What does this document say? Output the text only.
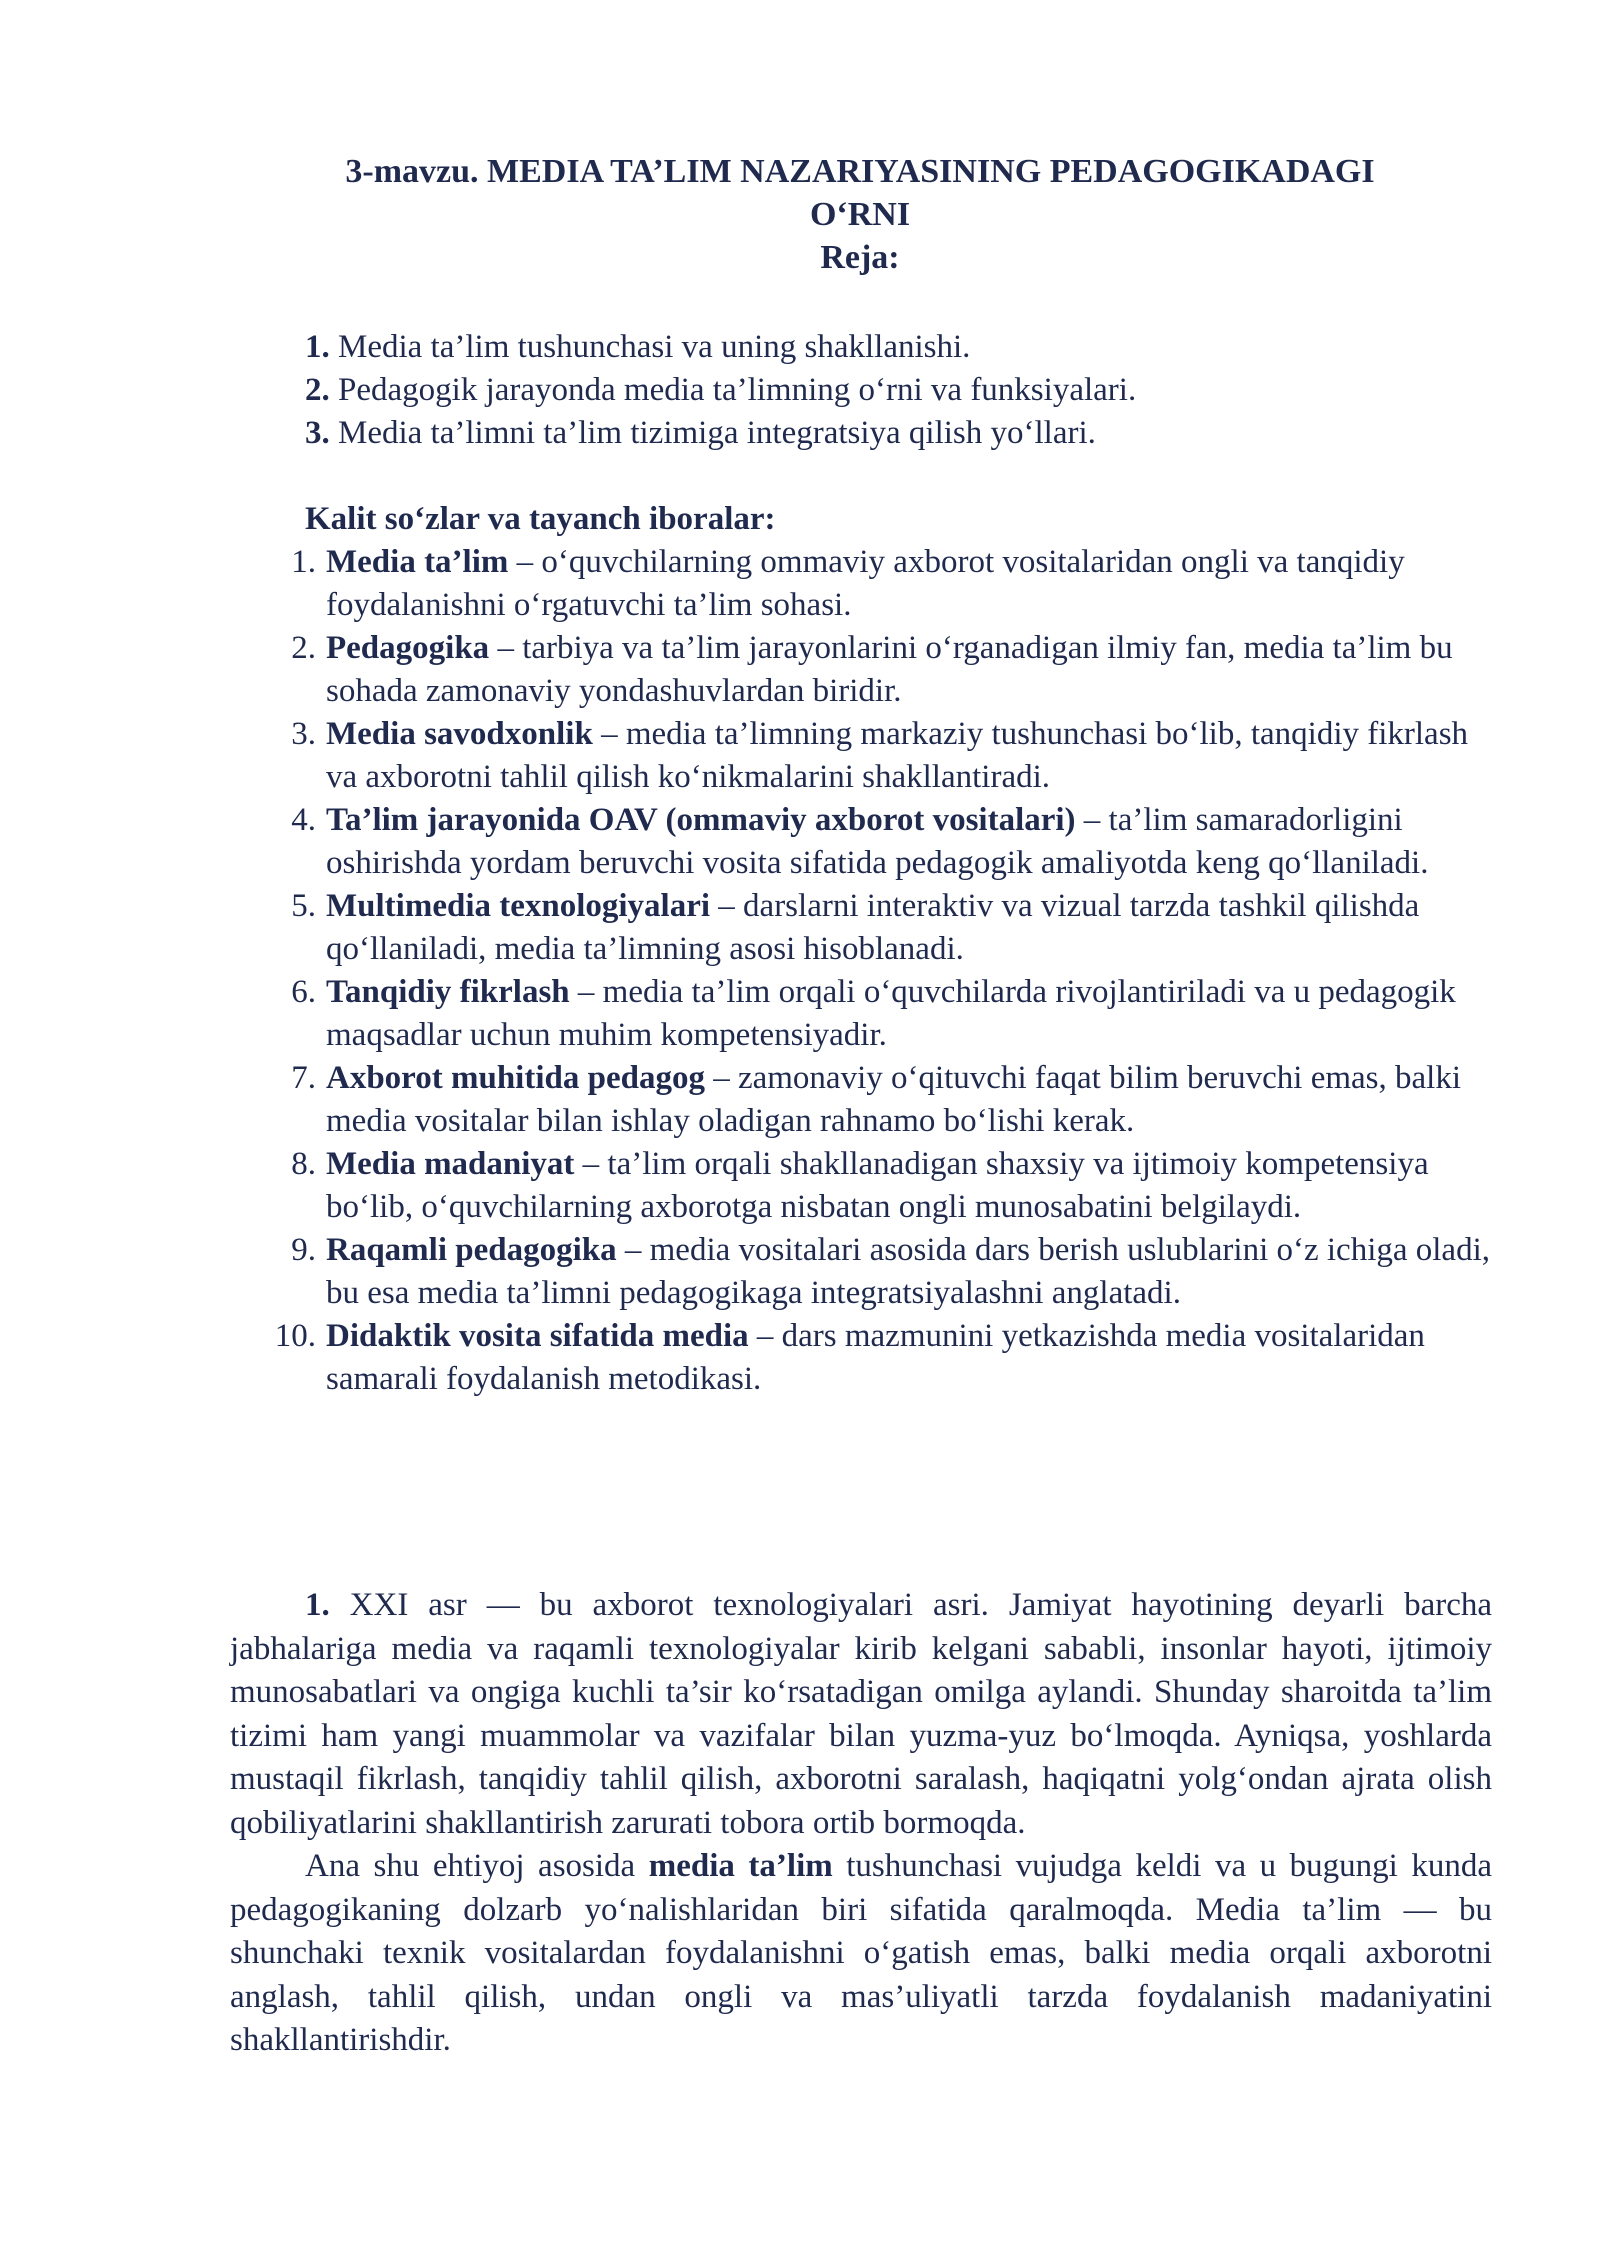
3-mavzu. MEDIA TA’LIM NAZARIYASINING PEDAGOGIKADAGI
O‘RNI
Reja:
1. Media ta’lim tushunchasi va uning shakllanishi.
2. Pedagogik jarayonda media ta’limning o‘rni va funksiyalari.
3. Media ta’limni ta’lim tizimiga integratsiya qilish yo‘llari.
Kalit so‘zlar va tayanch iboralar:
1. Media ta’lim – o‘quvchilarning ommaviy axborot vositalaridan ongli va tanqidiy foydalanishni o‘rgatuvchi ta’lim sohasi.
2. Pedagogika – tarbiya va ta’lim jarayonlarini o‘rganadigan ilmiy fan, media ta’lim bu sohada zamonaviy yondashuvlardan biridir.
3. Media savodxonlik – media ta’limning markaziy tushunchasi bo‘lib, tanqidiy fikrlash va axborotni tahlil qilish ko‘nikmalarini shakllantiradi.
4. Ta’lim jarayonida OAV (ommaviy axborot vositalari) – ta’lim samaradorligini oshirishda yordam beruvchi vosita sifatida pedagogik amaliyotda keng qo‘llaniladi.
5. Multimedia texnologiyalari – darslarni interaktiv va vizual tarzda tashkil qilishda qo‘llaniladi, media ta’limning asosi hisoblanadi.
6. Tanqidiy fikrlash – media ta’lim orqali o‘quvchilarda rivojlantiriladi va u pedagogik maqsadlar uchun muhim kompetensiyadir.
7. Axborot muhitida pedagog – zamonaviy o‘qituvchi faqat bilim beruvchi emas, balki media vositalar bilan ishlay oladigan rahnamo bo‘lishi kerak.
8. Media madaniyat – ta’lim orqali shakllanadigan shaxsiy va ijtimoiy kompetensiya bo‘lib, o‘quvchilarning axborotga nisbatan ongli munosabatini belgilaydi.
9. Raqamli pedagogika – media vositalari asosida dars berish uslublarini o‘z ichiga oladi, bu esa media ta’limni pedagogikaga integratsiyalashni anglatadi.
10. Didaktik vosita sifatida media – dars mazmunini yetkazishda media vositalaridan samarali foydalanish metodikasi.

1. XXI asr — bu axborot texnologiyalari asri. Jamiyat hayotining deyarli barcha jabhalariga media va raqamli texnologiyalar kirib kelgani sababli, insonlar hayoti, ijtimoiy munosabatlari va ongiga kuchli ta’sir ko‘rsatadigan omilga aylandi. Shunday sharoitda ta’lim tizimi ham yangi muammolar va vazifalar bilan yuzma-yuz bo‘lmoqda. Ayniqsa, yoshlarda mustaqil fikrlash, tanqidiy tahlil qilish, axborotni saralash, haqiqatni yolg‘ondan ajrata olish qobiliyatlarini shakllantirish zarurati tobora ortib bormoqda.

Ana shu ehtiyoj asosida media ta’lim tushunchasi vujudga keldi va u bugungi kunda pedagogikaning dolzarb yo‘nalishlaridan biri sifatida qaralmoqda. Media ta’lim — bu shunchaki texnik vositalardan foydalanishni o‘gatish emas, balki media orqali axborotni anglash, tahlil qilish, undan ongli va mas’uliyatli tarzda foydalanish madaniyatini shakllantirishdir.
